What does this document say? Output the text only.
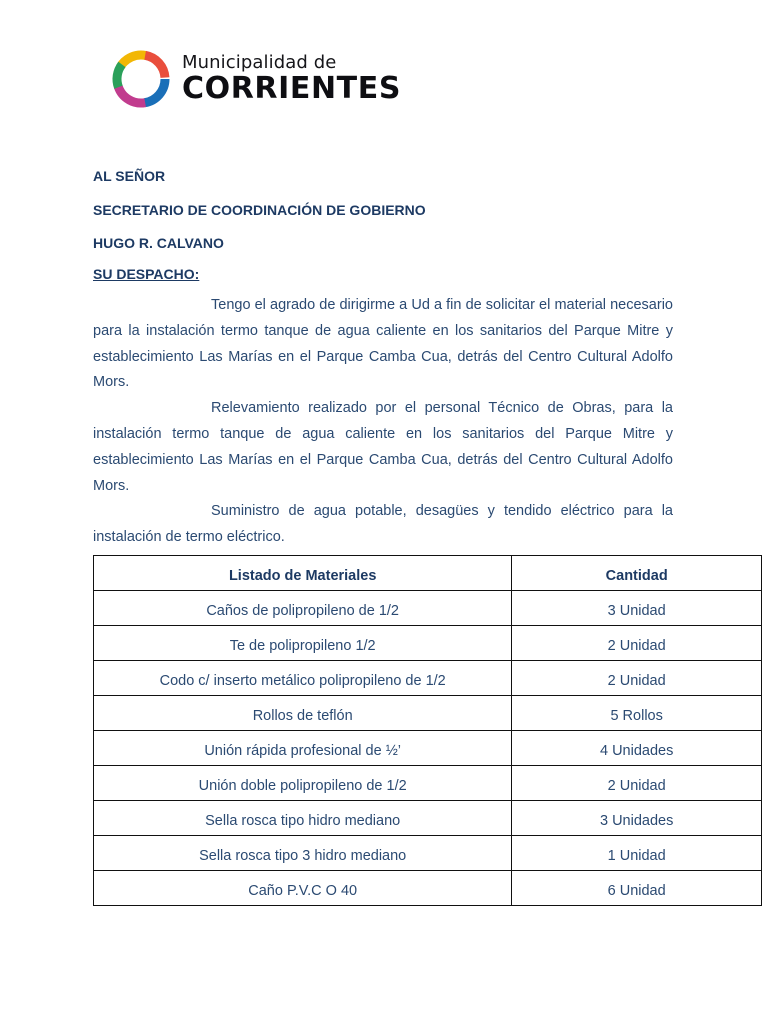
Municipalidad de
CORRIENTES
AL SEÑOR
SECRETARIO DE COORDINACIÓN DE GOBIERNO
HUGO R. CALVANO
SU DESPACHO:

Tengo el agrado de dirigirme a Ud a fin de solicitar el material necesario para la instalación termo tanque de agua caliente en los sanitarios del Parque Mitre y establecimiento Las Marías en el Parque Camba Cua, detrás del Centro Cultural Adolfo Mors.

Relevamiento realizado por el personal Técnico de Obras, para la instalación termo tanque de agua caliente en los sanitarios del Parque Mitre y establecimiento Las Marías en el Parque Camba Cua, detrás del Centro Cultural Adolfo Mors.

Suministro de agua potable, desagües y tendido eléctrico para la instalación de termo eléctrico.

Listado de Materiales	Cantidad
Caños de polipropileno de 1/2	3 Unidad
Te de polipropileno 1/2	2 Unidad
Codo c/ inserto metálico polipropileno de 1/2	2 Unidad
Rollos de teflón	5 Rollos
Unión rápida profesional de ½’	4 Unidades
Unión doble polipropileno de 1/2	2 Unidad
Sella rosca tipo hidro mediano	3 Unidades
Sella rosca tipo 3 hidro mediano	1 Unidad
Caño P.V.C O 40	6 Unidad
